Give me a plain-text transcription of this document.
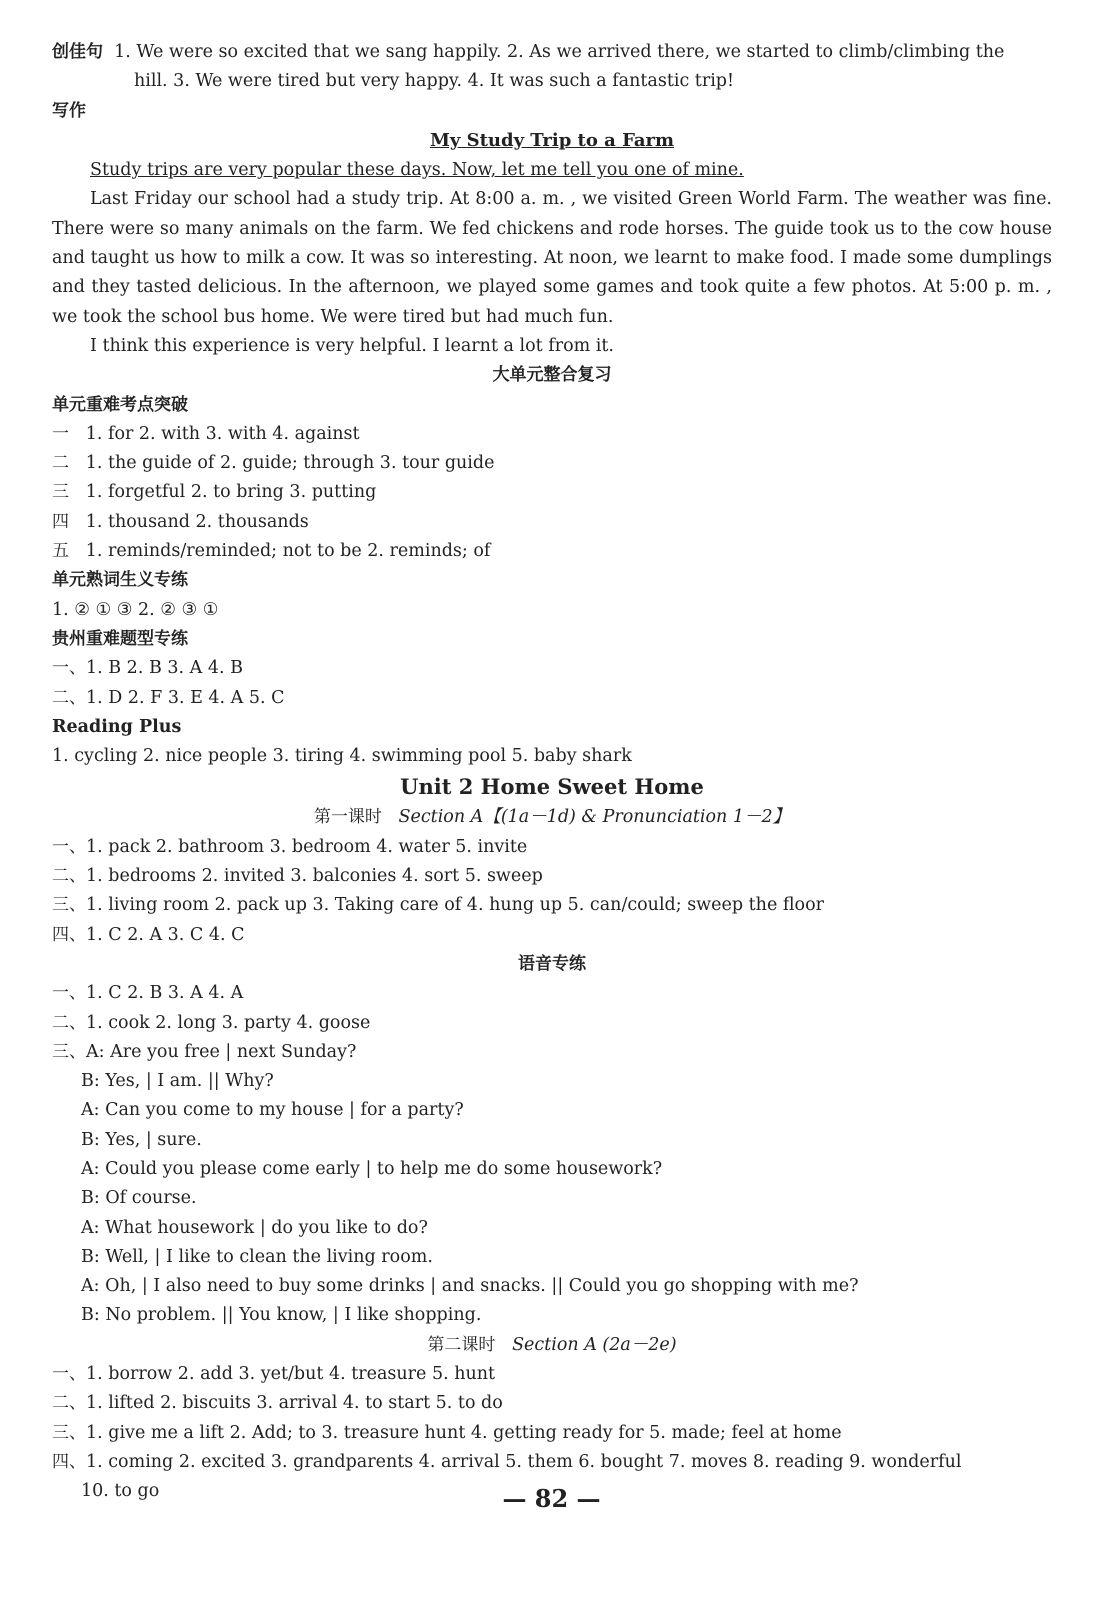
创佳句 1. We were so excited that we sang happily. 2. As we arrived there, we started to climb/climbing the
hill. 3. We were tired but very happy. 4. It was such a fantastic trip!
写作
My Study Trip to a Farm
Study trips are very popular these days. Now, let me tell you one of mine.
Last Friday our school had a study trip. At 8:00 a. m. , we visited Green World Farm. The weather was fine. There were so many animals on the farm. We fed chickens and rode horses. The guide took us to the cow house and taught us how to milk a cow. It was so interesting. At noon, we learnt to make food. I made some dumplings and they tasted delicious. In the afternoon, we played some games and took quite a few photos. At 5:00 p. m. , we took the school bus home. We were tired but had much fun.
I think this experience is very helpful. I learnt a lot from it.
大单元整合复习
单元重难考点突破
一 1. for 2. with 3. with 4. against
二 1. the guide of 2. guide; through 3. tour guide
三 1. forgetful 2. to bring 3. putting
四 1. thousand 2. thousands
五 1. reminds/reminded; not to be 2. reminds; of
单元熟词生义专练
1. ② ① ③ 2. ② ③ ①
贵州重难题型专练
一、1. B 2. B 3. A 4. B
二、1. D 2. F 3. E 4. A 5. C
Reading Plus
1. cycling 2. nice people 3. tiring 4. swimming pool 5. baby shark
Unit 2 Home Sweet Home
第一课时 Section A【(1a－1d) & Pronunciation 1－2】
一、1. pack 2. bathroom 3. bedroom 4. water 5. invite
二、1. bedrooms 2. invited 3. balconies 4. sort 5. sweep
三、1. living room 2. pack up 3. Taking care of 4. hung up 5. can/could; sweep the floor
四、1. C 2. A 3. C 4. C
语音专练
一、1. C 2. B 3. A 4. A
二、1. cook 2. long 3. party 4. goose
三、A: Are you free | next Sunday?
B: Yes, | I am. || Why?
A: Can you come to my house | for a party?
B: Yes, | sure.
A: Could you please come early | to help me do some housework?
B: Of course.
A: What housework | do you like to do?
B: Well, | I like to clean the living room.
A: Oh, | I also need to buy some drinks | and snacks. || Could you go shopping with me?
B: No problem. || You know, | I like shopping.
第二课时 Section A (2a－2e)
一、1. borrow 2. add 3. yet/but 4. treasure 5. hunt
二、1. lifted 2. biscuits 3. arrival 4. to start 5. to do
三、1. give me a lift 2. Add; to 3. treasure hunt 4. getting ready for 5. made; feel at home
四、1. coming 2. excited 3. grandparents 4. arrival 5. them 6. bought 7. moves 8. reading 9. wonderful
10. to go	— 82 —
